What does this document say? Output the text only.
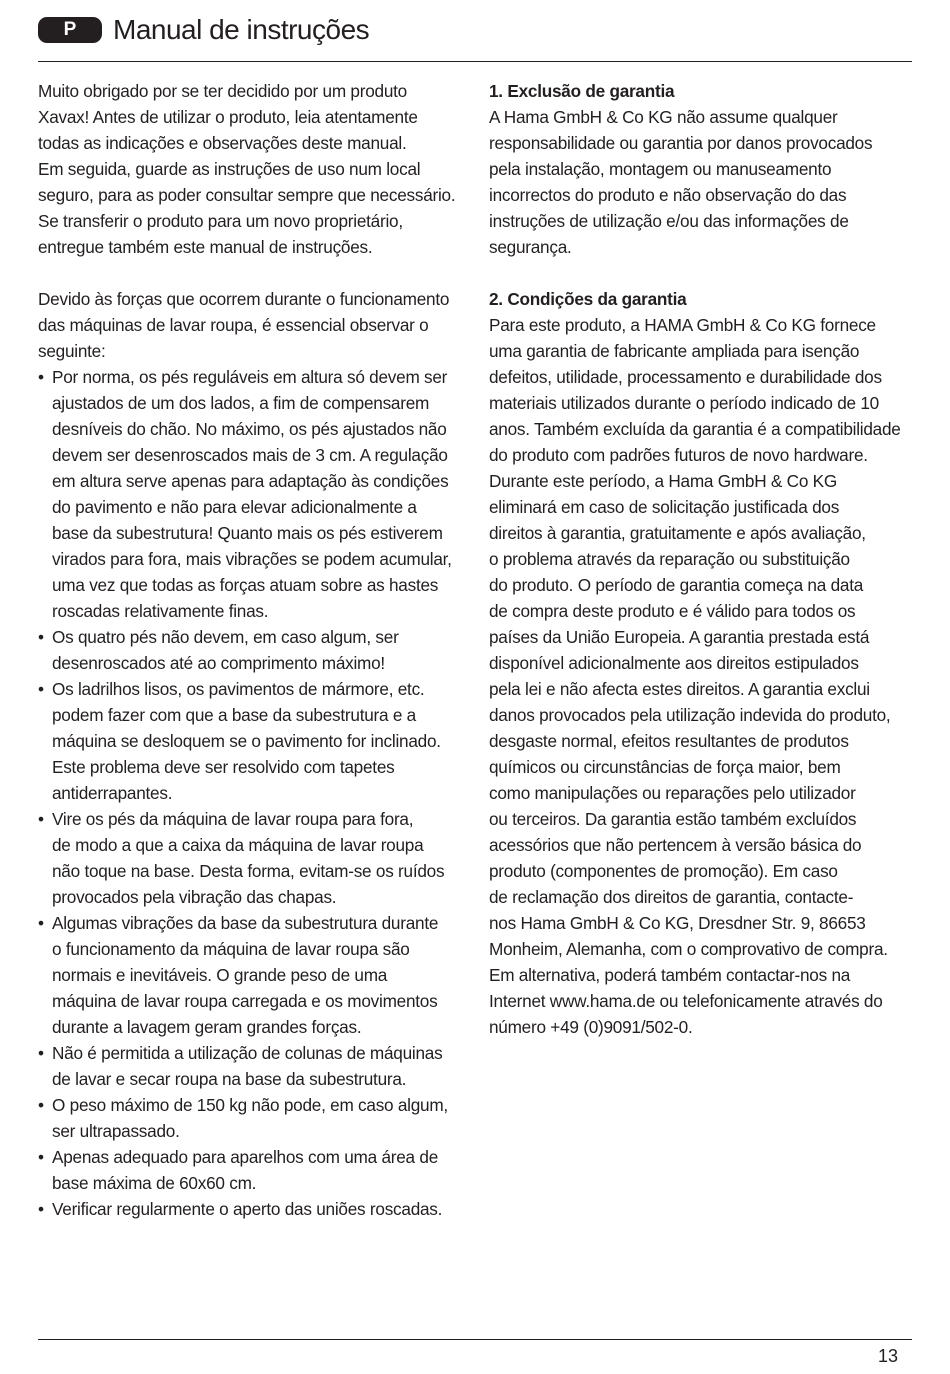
P	Manual de instruções

Muito obrigado por se ter decidido por um produto

Xavax! Antes de utilizar o produto, leia atentamente

todas as indicações e observações deste manual.

Em seguida, guarde as instruções de uso num local

seguro, para as poder consultar sempre que necessário.

Se transferir o produto para um novo proprietário,

entregue também este manual de instruções.

Devido às forças que ocorrem durante o funcionamento

das máquinas de lavar roupa, é essencial observar o

seguinte:

• Por norma, os pés reguláveis em altura só devem ser
ajustados de um dos lados, a fim de compensarem
desníveis do chão. No máximo, os pés ajustados não
devem ser desenroscados mais de 3 cm. A regulação
em altura serve apenas para adaptação às condições
do pavimento e não para elevar adicionalmente a
base da subestrutura! Quanto mais os pés estiverem
virados para fora, mais vibrações se podem acumular,
uma vez que todas as forças atuam sobre as hastes
roscadas relativamente finas.
• Os quatro pés não devem, em caso algum, ser
desenroscados até ao comprimento máximo!
• Os ladrilhos lisos, os pavimentos de mármore, etc.
podem fazer com que a base da subestrutura e a
máquina se desloquem se o pavimento for inclinado.
Este problema deve ser resolvido com tapetes
antiderrapantes.
• Vire os pés da máquina de lavar roupa para fora,
de modo a que a caixa da máquina de lavar roupa
não toque na base. Desta forma, evitam-se os ruídos
provocados pela vibração das chapas.
• Algumas vibrações da base da subestrutura durante
o funcionamento da máquina de lavar roupa são
normais e inevitáveis. O grande peso de uma
máquina de lavar roupa carregada e os movimentos
durante a lavagem geram grandes forças.
• Não é permitida a utilização de colunas de máquinas
de lavar e secar roupa na base da subestrutura.
• O peso máximo de 150 kg não pode, em caso algum,
ser ultrapassado.
• Apenas adequado para aparelhos com uma área de
base máxima de 60x60 cm.
• Verificar regularmente o aperto das uniões roscadas.

1. Exclusão de garantia

A Hama GmbH & Co KG não assume qualquer

responsabilidade ou garantia por danos provocados

pela instalação, montagem ou manuseamento

incorrectos do produto e não observação do das

instruções de utilização e/ou das informações de

segurança.

2. Condições da garantia

Para este produto, a HAMA GmbH & Co KG fornece

uma garantia de fabricante ampliada para isenção

defeitos, utilidade, processamento e durabilidade dos

materiais utilizados durante o período indicado de 10

anos. Também excluída da garantia é a compatibilidade

do produto com padrões futuros de novo hardware.

Durante este período, a Hama GmbH & Co KG

eliminará em caso de solicitação justificada dos

direitos à garantia, gratuitamente e após avaliação,

o problema através da reparação ou substituição

do produto. O período de garantia começa na data

de compra deste produto e é válido para todos os

países da União Europeia. A garantia prestada está

disponível adicionalmente aos direitos estipulados

pela lei e não afecta estes direitos. A garantia exclui

danos provocados pela utilização indevida do produto,

desgaste normal, efeitos resultantes de produtos

químicos ou circunstâncias de força maior, bem

como manipulações ou reparações pelo utilizador

ou terceiros. Da garantia estão também excluídos

acessórios que não pertencem à versão básica do

produto (componentes de promoção). Em caso

de reclamação dos direitos de garantia, contacte-

nos Hama GmbH & Co KG, Dresdner Str. 9, 86653

Monheim, Alemanha, com o comprovativo de compra.

Em alternativa, poderá também contactar-nos na

Internet www.hama.de ou telefonicamente através do

número +49 (0)9091/502-0.

13
